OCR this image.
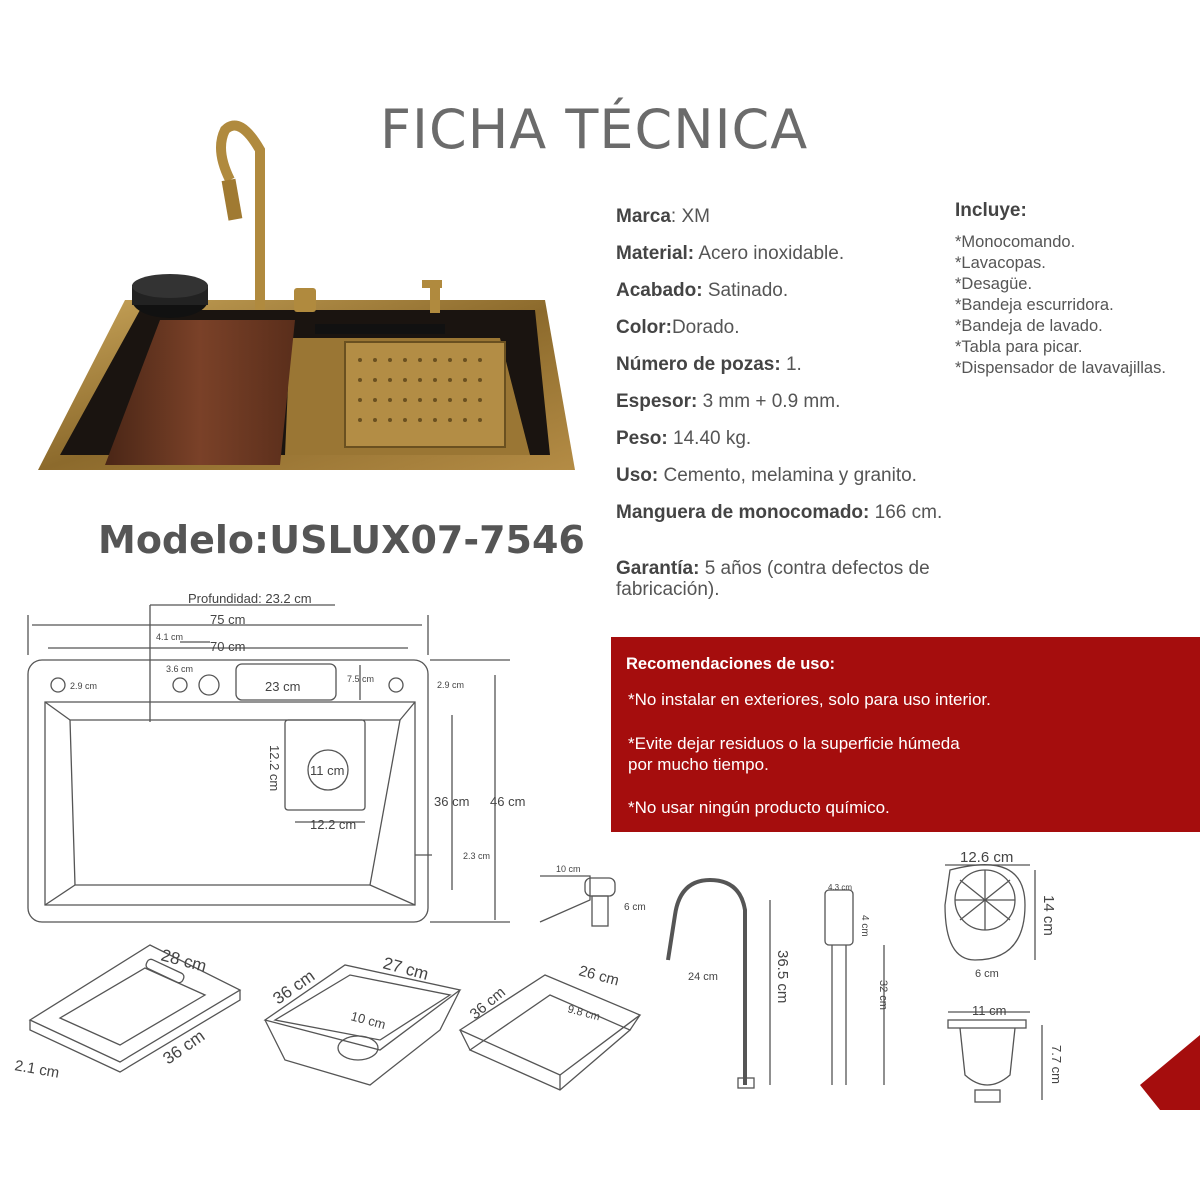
FICHA TÉCNICA
Modelo:USLUX07-7546
Marca: XM
Material: Acero inoxidable.
Acabado: Satinado.
Color:Dorado.
Número de pozas: 1.
Espesor: 3 mm + 0.9 mm.
Peso: 14.40 kg.
Uso: Cemento, melamina y granito.
Manguera de monocomado: 166 cm.
Garantía: 5 años (contra defectos de fabricación).
Incluye:
*Monocomando.
*Lavacopas.
*Desagüe.
*Bandeja escurridora.
*Bandeja de lavado.
*Tabla para picar.
*Dispensador de lavavajillas.
Recomendaciones de uso:
*No instalar en exteriores, solo para uso interior.
*Evite dejar residuos o la superficie húmeda
por mucho tiempo.
*No usar ningún producto químico.
Profundidad: 23.2 cm
75 cm
70 cm
4.1 cm
3.6 cm
2.9 cm	2.9 cm
23 cm	7.5 cm
12.2 cm 11 cm
12.2 cm
36 cm 46 cm
2.3 cm
28 cm
36 cm
2.1 cm
36 cm	27 cm
10 cm	36 cm
26 cm
9.8 cm
10 cm
6 cm
24 cm	36.5 cm
4.3 cm
4 cm
32 cm
12.6 cm
14 cm
6 cm
11 cm
7.7 cm
